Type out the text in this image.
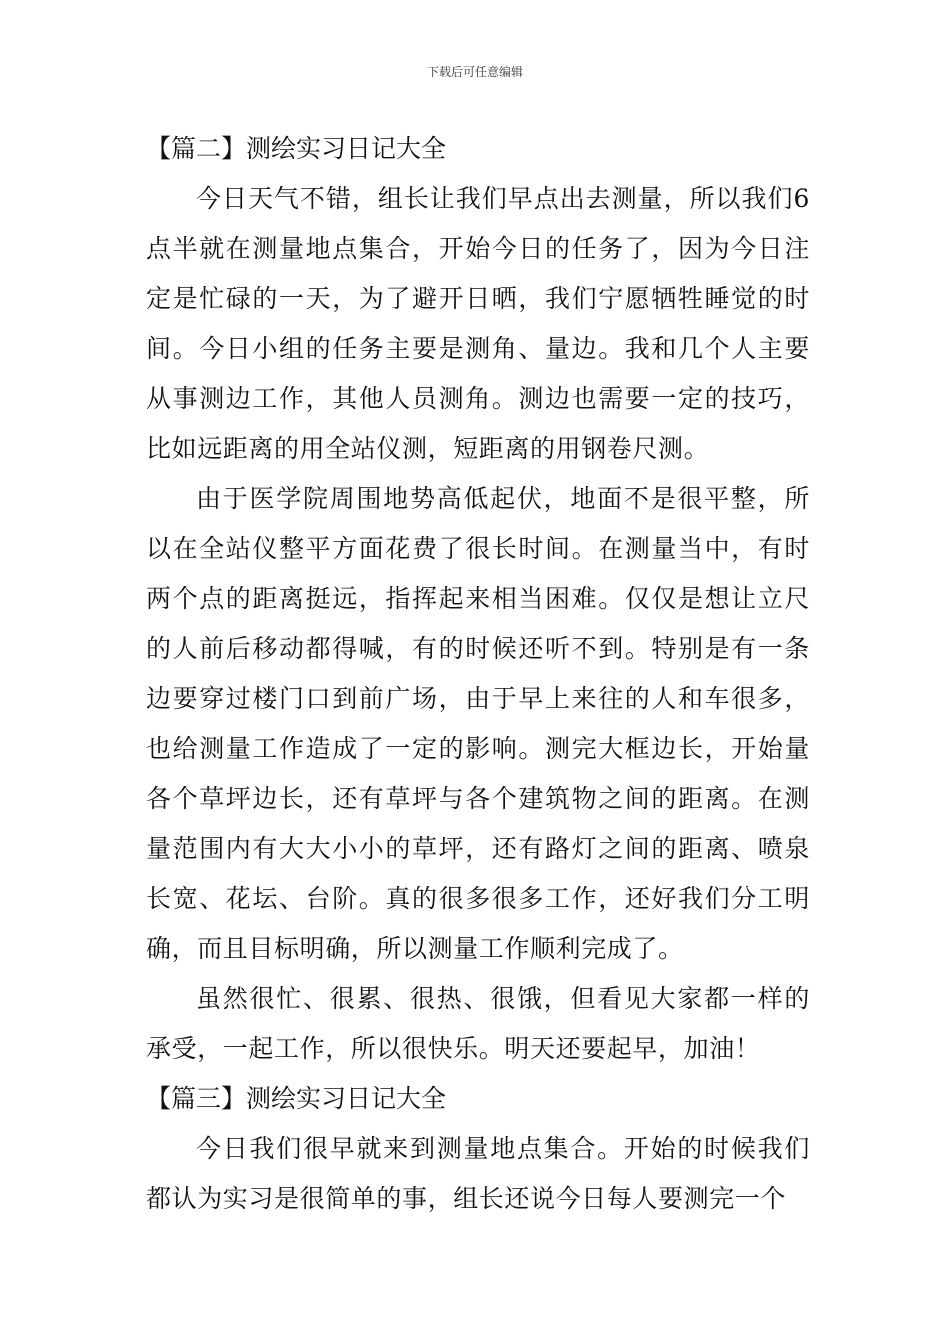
下载后可任意编辑
【篇二】测绘实习日记大全

今日天气不错，组长让我们早点出去测量，所以我们6点半就在测量地点集合，开始今日的任务了，因为今日注定是忙碌的一天，为了避开日晒，我们宁愿牺牲睡觉的时间。今日小组的任务主要是测角、量边。我和几个人主要从事测边工作，其他人员测角。测边也需要一定的技巧，比如远距离的用全站仪测，短距离的用钢卷尺测。

由于医学院周围地势高低起伏，地面不是很平整，所以在全站仪整平方面花费了很长时间。在测量当中，有时两个点的距离挺远，指挥起来相当困难。仅仅是想让立尺的人前后移动都得喊，有的时候还听不到。特别是有一条边要穿过楼门口到前广场，由于早上来往的人和车很多，也给测量工作造成了一定的影响。测完大框边长，开始量各个草坪边长，还有草坪与各个建筑物之间的距离。在测量范围内有大大小小的草坪，还有路灯之间的距离、喷泉长宽、花坛、台阶。真的很多很多工作，还好我们分工明确，而且目标明确，所以测量工作顺利完成了。

虽然很忙、很累、很热、很饿，但看见大家都一样的承受，一起工作，所以很快乐。明天还要起早，加油！

【篇三】测绘实习日记大全

今日我们很早就来到测量地点集合。开始的时候我们都认为实习是很简单的事，组长还说今日每人要测完一个
